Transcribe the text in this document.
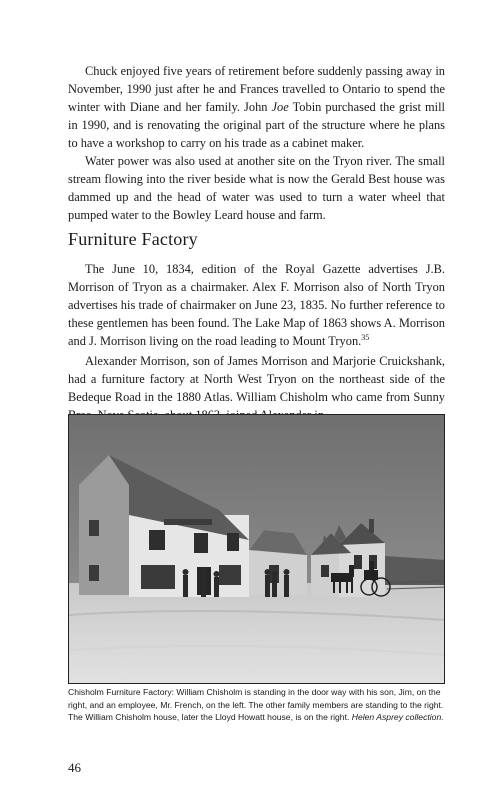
Chuck enjoyed five years of retirement before suddenly passing away in November, 1990 just after he and Frances travelled to Ontario to spend the winter with Diane and her family. John Joe Tobin purchased the grist mill in 1990, and is renovating the original part of the structure where he plans to have a workshop to carry on his trade as a cabinet maker.

Water power was also used at another site on the Tryon river. The small stream flowing into the river beside what is now the Gerald Best house was dammed up and the head of water was used to turn a water wheel that pumped water to the Bowley Leard house and farm.

Furniture Factory

The June 10, 1834, edition of the Royal Gazette advertises J.B. Morrison of Tryon as a chairmaker. Alex F. Morrison also of North Tryon advertises his trade of chairmaker on June 23, 1835. No further reference to these gentlemen has been found. The Lake Map of 1863 shows A. Morrison and J. Morrison living on the road leading to Mount Tryon.$^{35}$

Alexander Morrison, son of James Morrison and Marjorie Cruickshank, had a furniture factory at North West Tryon on the northeast side of the Bedeque Road in the 1880 Atlas. William Chisholm who came from Sunny

Chisholm Furniture Factory: William Chisholm is standing in the door way with his son, Jim, on the right, and an employee, Mr. French, on the left. The other family members are standing to the right. The William Chisholm house, later the Lloyd Howatt house, is on the right. Helen Asprey collection.

46
